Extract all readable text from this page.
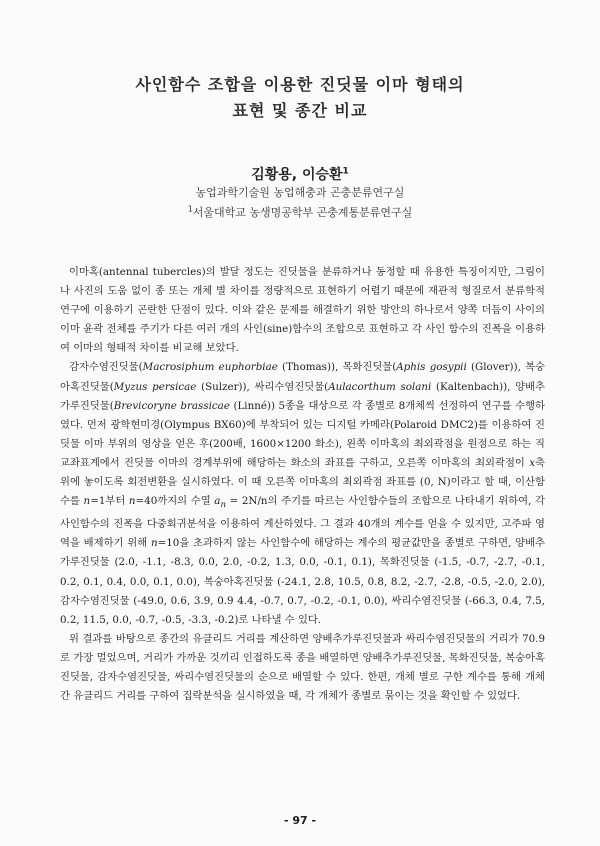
사인함수 조합을 이용한 진딧물 이마 형태의
표현 및 종간 비교
김황용, 이승환$^1$
농업과학기술원 농업해충과 곤충분류연구실
$^1$서울대학교 농생명공학부 곤충계통분류연구실

이마혹(antennal tubercles)의 발달 정도는 진딧물을 분류하거나 동정할 때 유용한 특징이지만, 그림이나 사진의 도움 없이 종 또는 개체 별 차이를 정량적으로 표현하기 어렵기 때문에 재관적 형질로서 분류학적 연구에 이용하기 곤란한 단점이 있다. 이와 같은 문제를 해결하기 위한 방안의 하나로서 양쪽 더듬이 사이의 이마 윤곽 전체를 주기가 다른 여러 개의 사인(sine)함수의 조합으로 표현하고 각 사인 함수의 진폭을 이용하여 이마의 형태적 차이를 비교해 보았다.

감자수염진딧물(Macrosiphum euphorbiae (Thomas)), 목화진딧물(Aphis gosypii (Glover)), 복숭아혹진딧물(Myzus persicae (Sulzer)), 싸리수염진딧물(Aulacorthum solani (Kaltenbach)), 양배추가루진딧물(Brevicoryne brassicae (Linné)) 5종을 대상으로 각 종별로 8개체씩 선정하여 연구를 수행하였다. 먼저 광학현미경(Olympus BX60)에 부착되어 있는 디지털 카메라(Polaroid DMC2)를 이용하여 진딧물 이마 부위의 영상을 얻은 후(200배, 1600×1200 화소), 왼쪽 이마혹의 최외곽점을 원점으로 하는 직교좌표계에서 진딧물 이마의 경계부위에 해당하는 화소의 좌표를 구하고, 오른쪽 이마혹의 최외곽점이 x축 위에 놓이도록 회전변환을 실시하였다. 이 때 오른쪽 이마혹의 최외곽점 좌표를 (0, N)이라고 할 때, 이산함수를 n=1부터 n=40까지의 수열 $a_n = 2N/n$의 주기를 따르는 사인함수들의 조합으로 나타내기 위하여, 각 사인함수의 진폭을 다중회귀분석을 이용하여 계산하였다. 그 결과 40개의 계수를 얻을 수 있지만, 고주파 영역을 배제하기 위해 n=10을 초과하지 않는 사인함수에 해당하는 계수의 평균값만을 종별로 구하면, 양배추가루진딧물 (2.0, -1.1, -8.3, 0.0, 2.0, -0.2, 1.3, 0.0, -0.1, 0.1), 목화진딧물 (-1.5, -0.7, -2.7, -0.1, 0.2, 0.1, 0.4, 0.0, 0.1, 0.0), 복숭아혹진딧물 (-24.1, 2.8, 10.5, 0.8, 8.2, -2.7, -2.8, -0.5, -2.0, 2.0), 감자수염진딧물 (-49.0, 0.6, 3.9, 0.9 4.4, -0.7, 0.7, -0.2, -0.1, 0.0), 싸리수염진딧물 (-66.3, 0.4, 7.5, 0.2, 11.5, 0.0, -0.7, -0.5, -3.3, -0.2)로 나타낼 수 있다.

위 결과를 바탕으로 종간의 유클리드 거리를 계산하면 양배추가루진딧물과 싸리수염진딧물의 거리가 70.9로 가장 멀었으며, 거리가 가까운 것끼리 인접하도록 종을 배열하면 양배추가루진딧물, 목화진딧물, 복숭아혹진딧물, 감자수염진딧물, 싸리수염진딧물의 순으로 배열할 수 있다. 한편, 개체 별로 구한 계수를 통해 개체 간 유클리드 거리를 구하여 집락분석을 실시하였을 때, 각 개체가 종별로 묶이는 것을 확인할 수 있었다.

- 97 -
